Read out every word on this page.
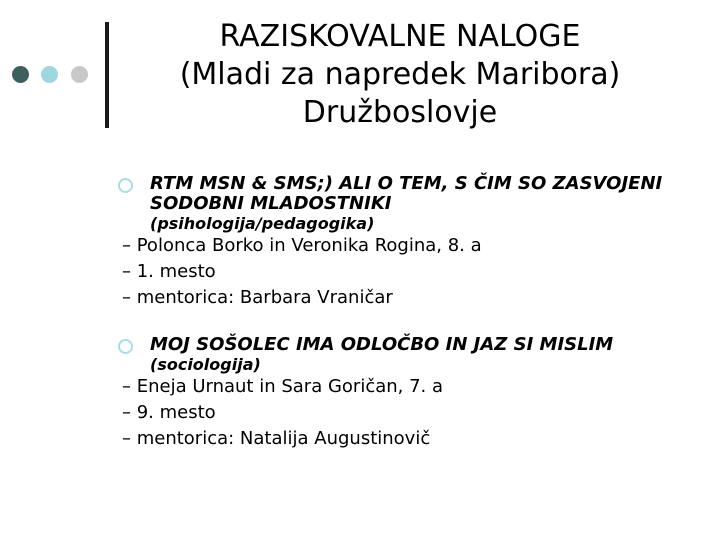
RAZISKOVALNE NALOGE
(Mladi za napredek Maribora)
Družboslovje
RTM MSN & SMS;) ALI O TEM, S ČIM SO ZASVOJENI SODOBNI MLADOSTNIKI
(psihologija/pedagogika)
– Polonca Borko in Veronika Rogina, 8. a
– 1. mesto
– mentorica: Barbara Vraničar
MOJ SOŠOLEC IMA ODLOČBO IN JAZ SI MISLIM
(sociologija)
– Eneja Urnaut in Sara Goričan, 7. a
– 9. mesto
– mentorica: Natalija Augustinovič
